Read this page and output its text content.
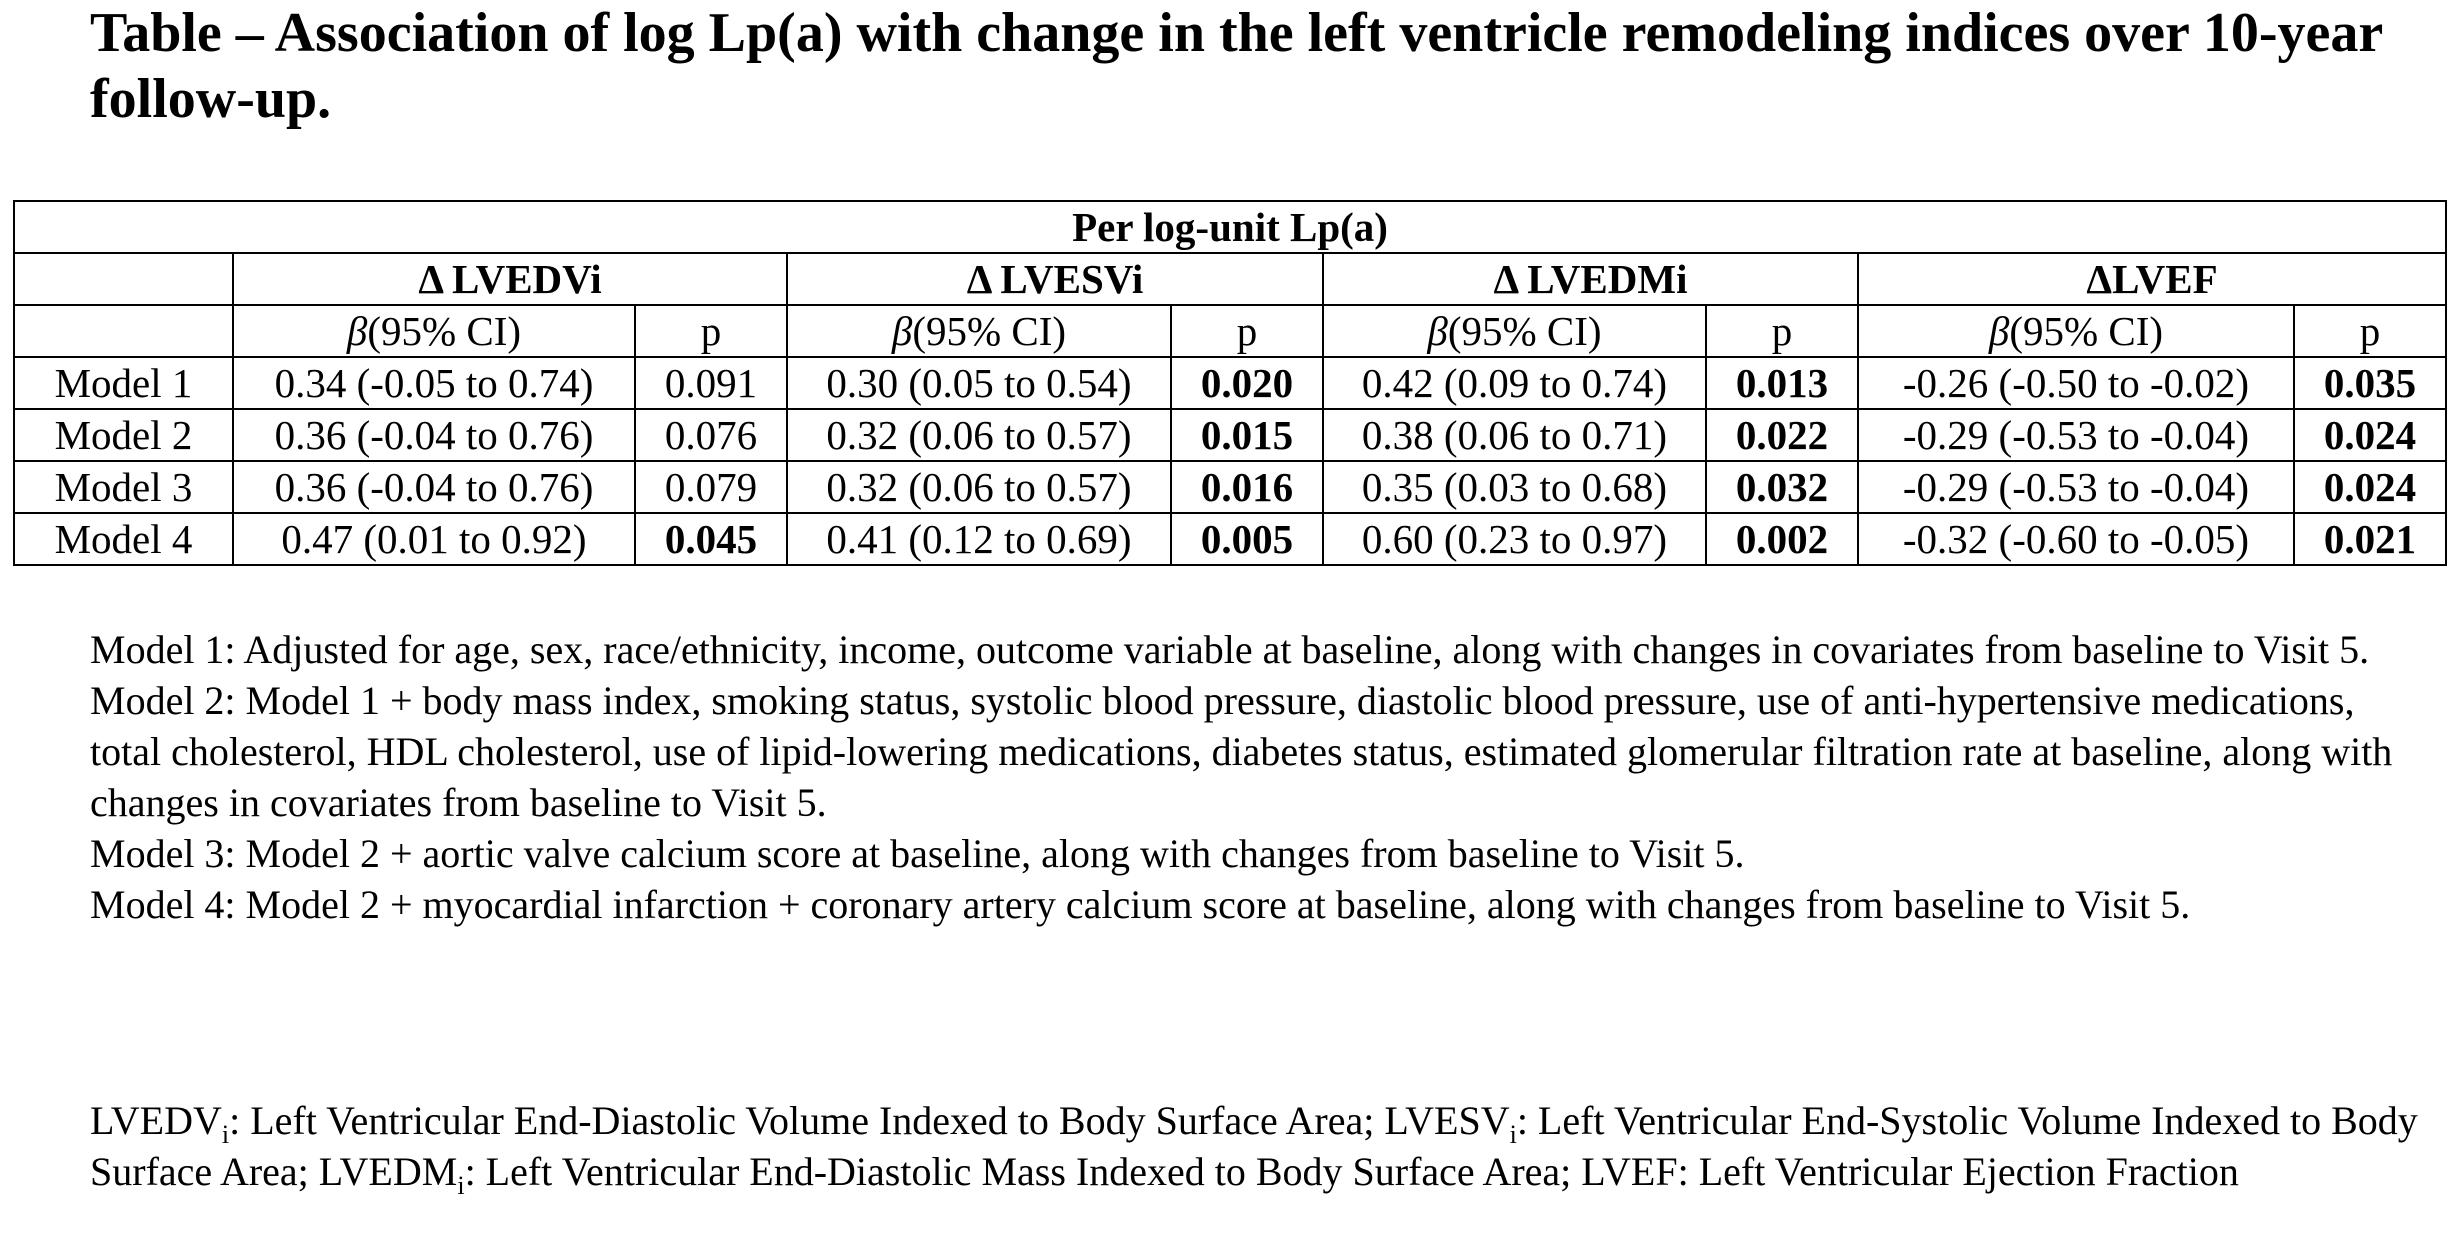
Table – Association of log Lp(a) with change in the left ventricle remodeling indices over 10-year follow-up.
Per log-unit Lp(a)								
	Δ LVEDVi		Δ LVESVi		Δ LVEDMi		ΔLVEF	
	β(95% CI)	p	β(95% CI)	p	β(95% CI)	p	β(95% CI)	p
Model 1	0.34 (-0.05 to 0.74)	0.091	0.30 (0.05 to 0.54)	0.020	0.42 (0.09 to 0.74)	0.013	-0.26 (-0.50 to -0.02)	0.035
Model 2	0.36 (-0.04 to 0.76)	0.076	0.32 (0.06 to 0.57)	0.015	0.38 (0.06 to 0.71)	0.022	-0.29 (-0.53 to -0.04)	0.024
Model 3	0.36 (-0.04 to 0.76)	0.079	0.32 (0.06 to 0.57)	0.016	0.35 (0.03 to 0.68)	0.032	-0.29 (-0.53 to -0.04)	0.024
Model 4	0.47 (0.01 to 0.92)	0.045	0.41 (0.12 to 0.69)	0.005	0.60 (0.23 to 0.97)	0.002	-0.32 (-0.60 to -0.05)	0.021

Model 1: Adjusted for age, sex, race/ethnicity, income, outcome variable at baseline, along with changes in covariates from baseline to Visit 5.

Model 2: Model 1 + body mass index, smoking status, systolic blood pressure, diastolic blood pressure, use of anti-hypertensive medications, total cholesterol, HDL cholesterol, use of lipid-lowering medications, diabetes status, estimated glomerular filtration rate at baseline, along with changes in covariates from baseline to Visit 5.

Model 3: Model 2 + aortic valve calcium score at baseline, along with changes from baseline to Visit 5.

Model 4: Model 2 + myocardial infarction + coronary artery calcium score at baseline, along with changes from baseline to Visit 5.

$LVEDV_i$: Left Ventricular End-Diastolic Volume Indexed to Body Surface Area; $LVESV_i$: Left Ventricular End-Systolic Volume Indexed to Body Surface Area; $LVEDM_i$: Left Ventricular End-Diastolic Mass Indexed to Body Surface Area; LVEF: Left Ventricular Ejection Fraction
